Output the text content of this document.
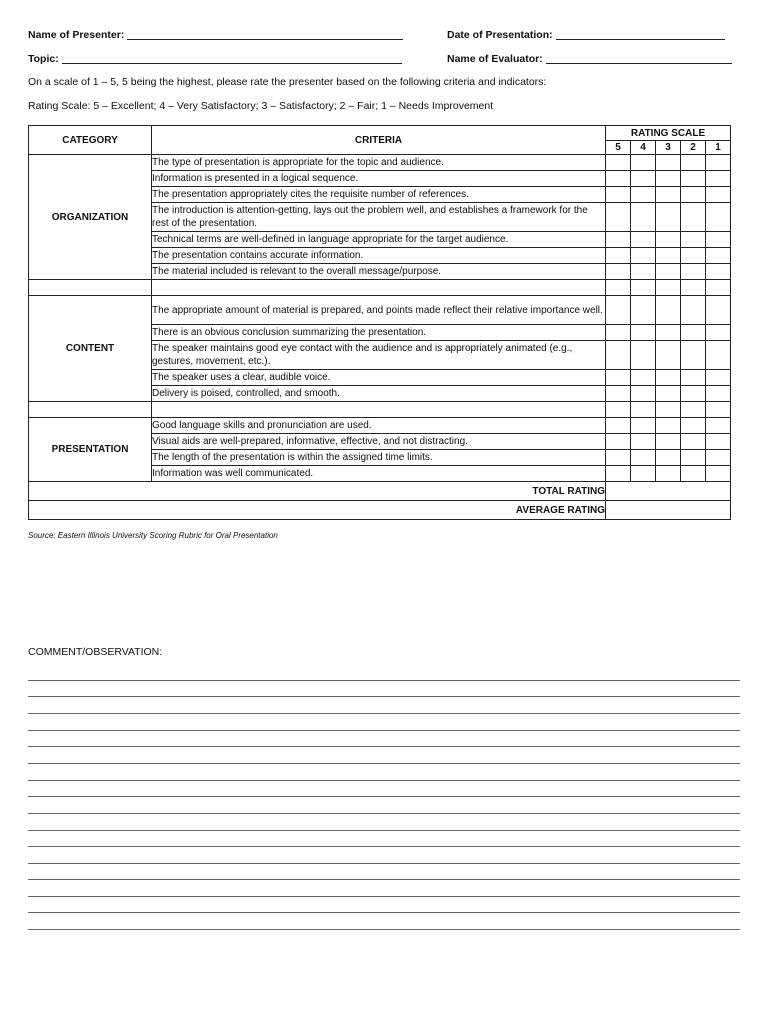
Name of Presenter:	Date of Presentation:
Topic:	Name of Evaluator:
On a scale of 1 – 5, 5 being the highest, please rate the presenter based on the following criteria and indicators:
Rating Scale: 5 – Excellent; 4 – Very Satisfactory; 3 – Satisfactory; 2 – Fair; 1 – Needs Improvement
CATEGORY	CRITERIA	RATING SCALE				
		5	4	3	2	1
ORGANIZATION	The type of presentation is appropriate for the topic and audience.					
	Information is presented in a logical sequence.					
	The presentation appropriately cites the requisite number of references.					
	The introduction is attention-getting, lays out the problem well, and establishes a framework for the rest of the presentation.					
	Technical terms are well-defined in language appropriate for the target audience.					
	The presentation contains accurate information.					
	The material included is relevant to the overall message/purpose.					

CONTENT	The appropriate amount of material is prepared, and points made reflect their relative importance well.					
	There is an obvious conclusion summarizing the presentation.					
	The speaker maintains good eye contact with the audience and is appropriately animated (e.g., gestures, movement, etc.).					
	The speaker uses a clear, audible voice.					
	Delivery is poised, controlled, and smooth.					

PRESENTATION	Good language skills and pronunciation are used.					
	Visual aids are well-prepared, informative, effective, and not distracting.					
	The length of the presentation is within the assigned time limits.					
	Information was well communicated.					
TOTAL RATING						
AVERAGE RATING						
Source: Eastern Illinois University Scoring Rubric for Oral Presentation
COMMENT/OBSERVATION:
